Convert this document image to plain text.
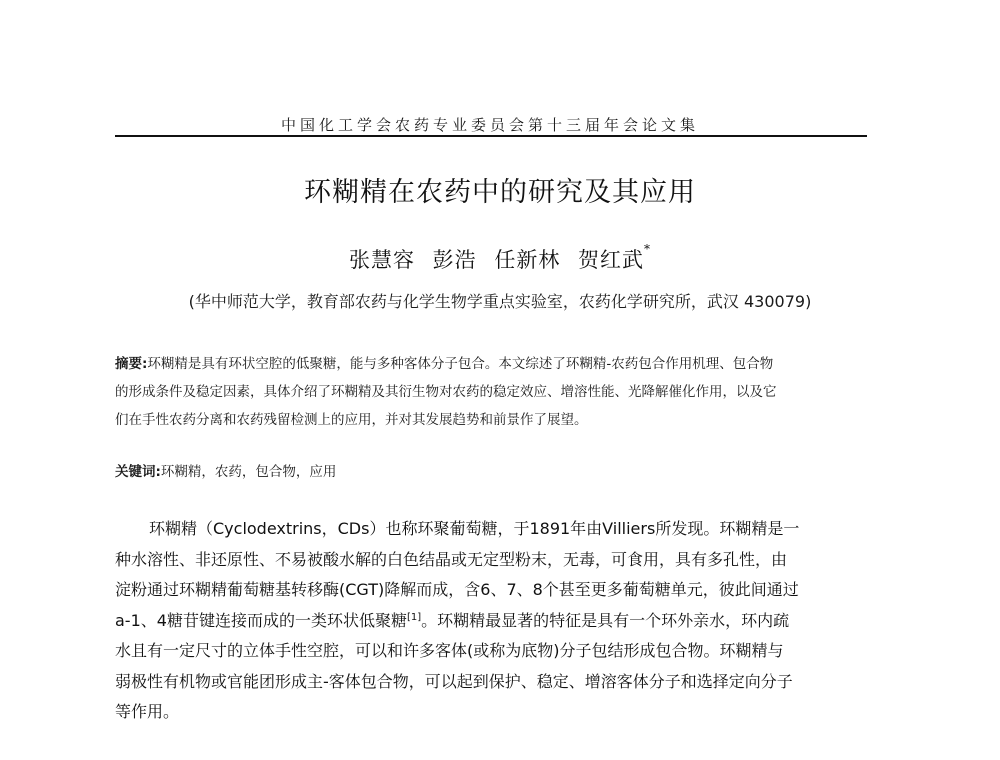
中国化工学会农药专业委员会第十三届年会论文集
环糊精在农药中的研究及其应用
张慧容 彭浩 任新林 贺红武*
(华中师范大学，教育部农药与化学生物学重点实验室，农药化学研究所，武汉 430079)
摘要:环糊精是具有环状空腔的低聚糖，能与多种客体分子包合。本文综述了环糊精-农药包合作用机理、包合物
的形成条件及稳定因素，具体介绍了环糊精及其衍生物对农药的稳定效应、增溶性能、光降解催化作用，以及它
们在手性农药分离和农药残留检测上的应用，并对其发展趋势和前景作了展望。
关键词:环糊精，农药，包合物，应用
环糊精（Cyclodextrins，CDs）也称环聚葡萄糖，于1891年由Villiers所发现。环糊精是一
种水溶性、非还原性、不易被酸水解的白色结晶或无定型粉末，无毒，可食用，具有多孔性，由
淀粉通过环糊精葡萄糖基转移酶(CGT)降解而成，含6、7、8个甚至更多葡萄糖单元，彼此间通过
a-1、4糖苷键连接而成的一类环状低聚糖[1]。环糊精最显著的特征是具有一个环外亲水，环内疏
水且有一定尺寸的立体手性空腔，可以和许多客体(或称为底物)分子包结形成包合物。环糊精与
弱极性有机物或官能团形成主-客体包合物，可以起到保护、稳定、增溶客体分子和选择定向分子
等作用。
